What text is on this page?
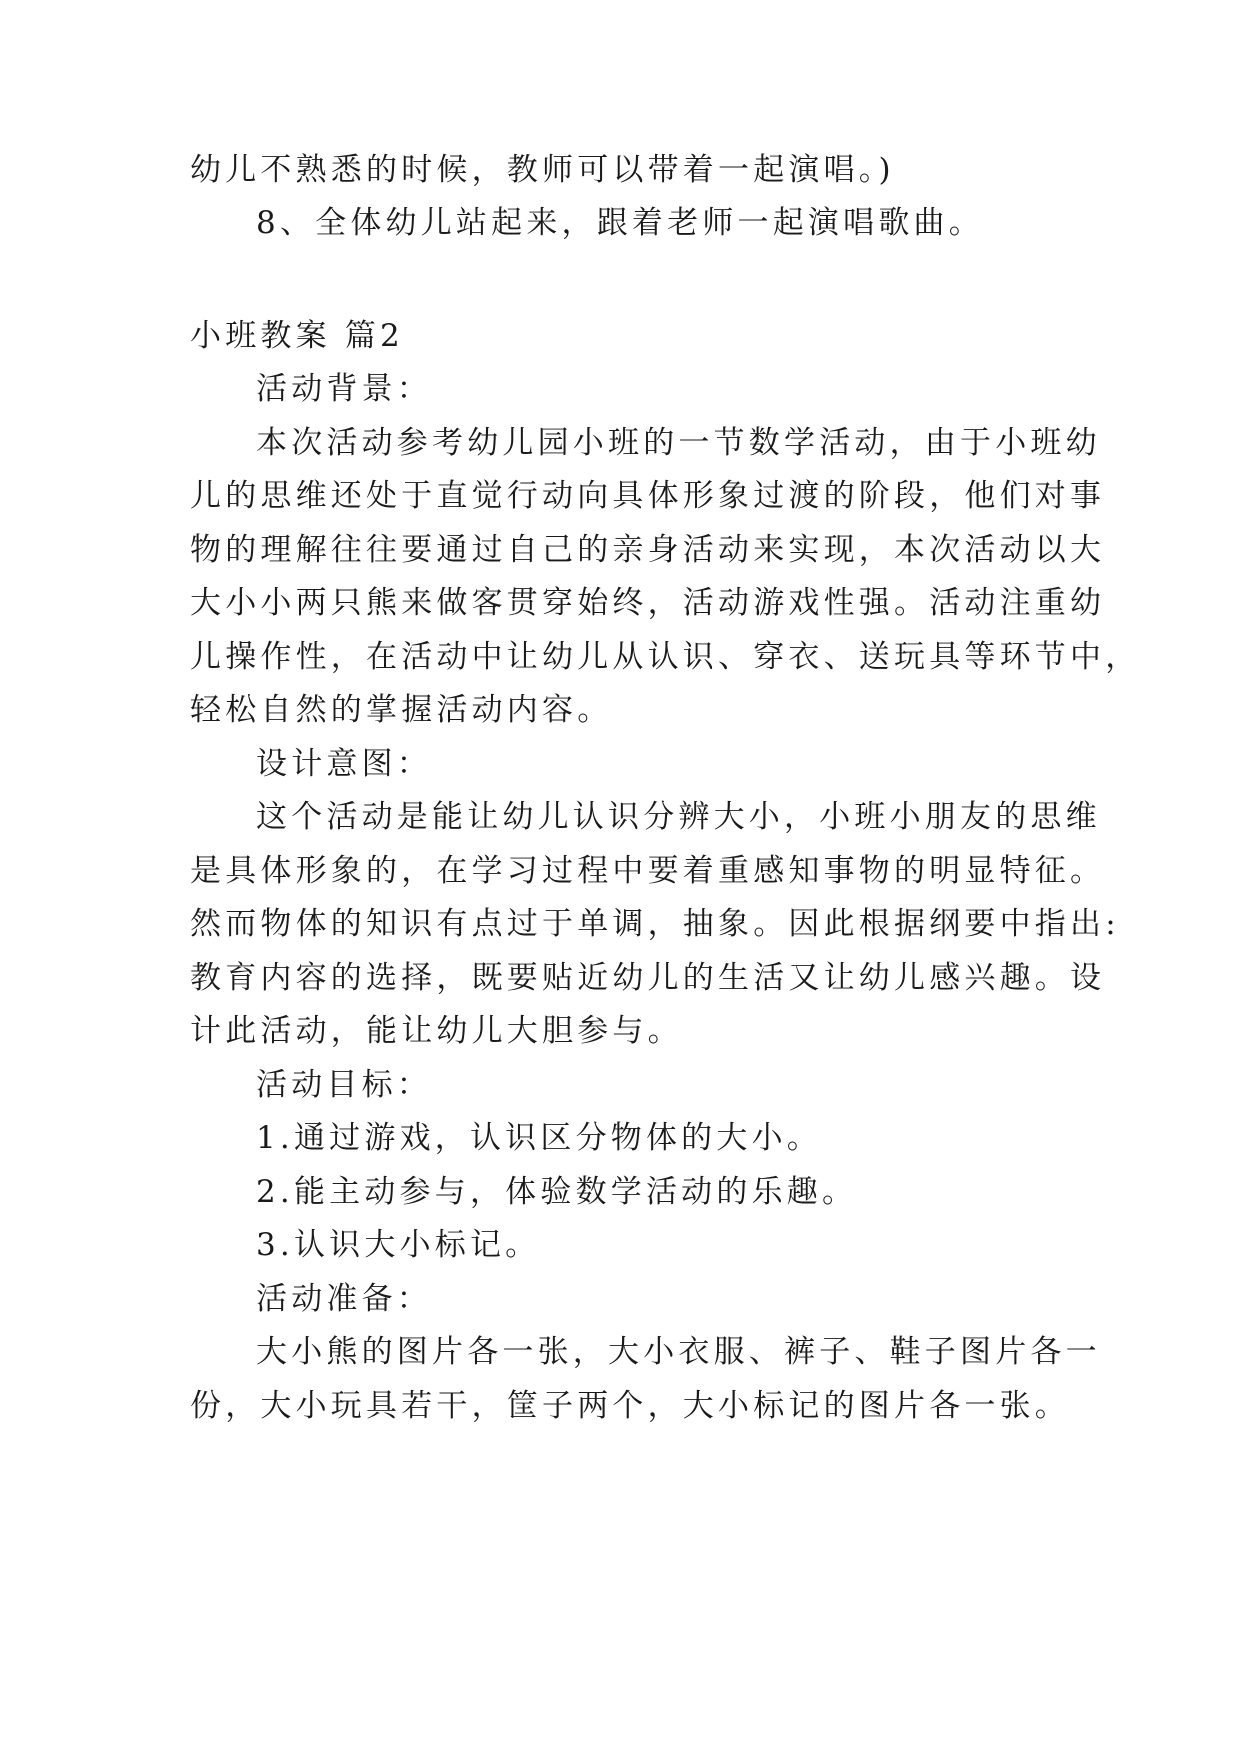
幼儿不熟悉的时候，教师可以带着一起演唱。)
8、全体幼儿站起来，跟着老师一起演唱歌曲。
小班教案 篇2
活动背景：
本次活动参考幼儿园小班的一节数学活动，由于小班幼
儿的思维还处于直觉行动向具体形象过渡的阶段，他们对事
物的理解往往要通过自己的亲身活动来实现，本次活动以大
大小小两只熊来做客贯穿始终，活动游戏性强。活动注重幼
儿操作性，在活动中让幼儿从认识、穿衣、送玩具等环节中，
轻松自然的掌握活动内容。
设计意图：
这个活动是能让幼儿认识分辨大小，小班小朋友的思维
是具体形象的，在学习过程中要着重感知事物的明显特征。
然而物体的知识有点过于单调，抽象。因此根据纲要中指出:
教育内容的选择，既要贴近幼儿的生活又让幼儿感兴趣。设
计此活动，能让幼儿大胆参与。
活动目标：
1.通过游戏，认识区分物体的大小。
2.能主动参与，体验数学活动的乐趣。
3.认识大小标记。
活动准备：
大小熊的图片各一张，大小衣服、裤子、鞋子图片各一
份，大小玩具若干，筐子两个，大小标记的图片各一张。
